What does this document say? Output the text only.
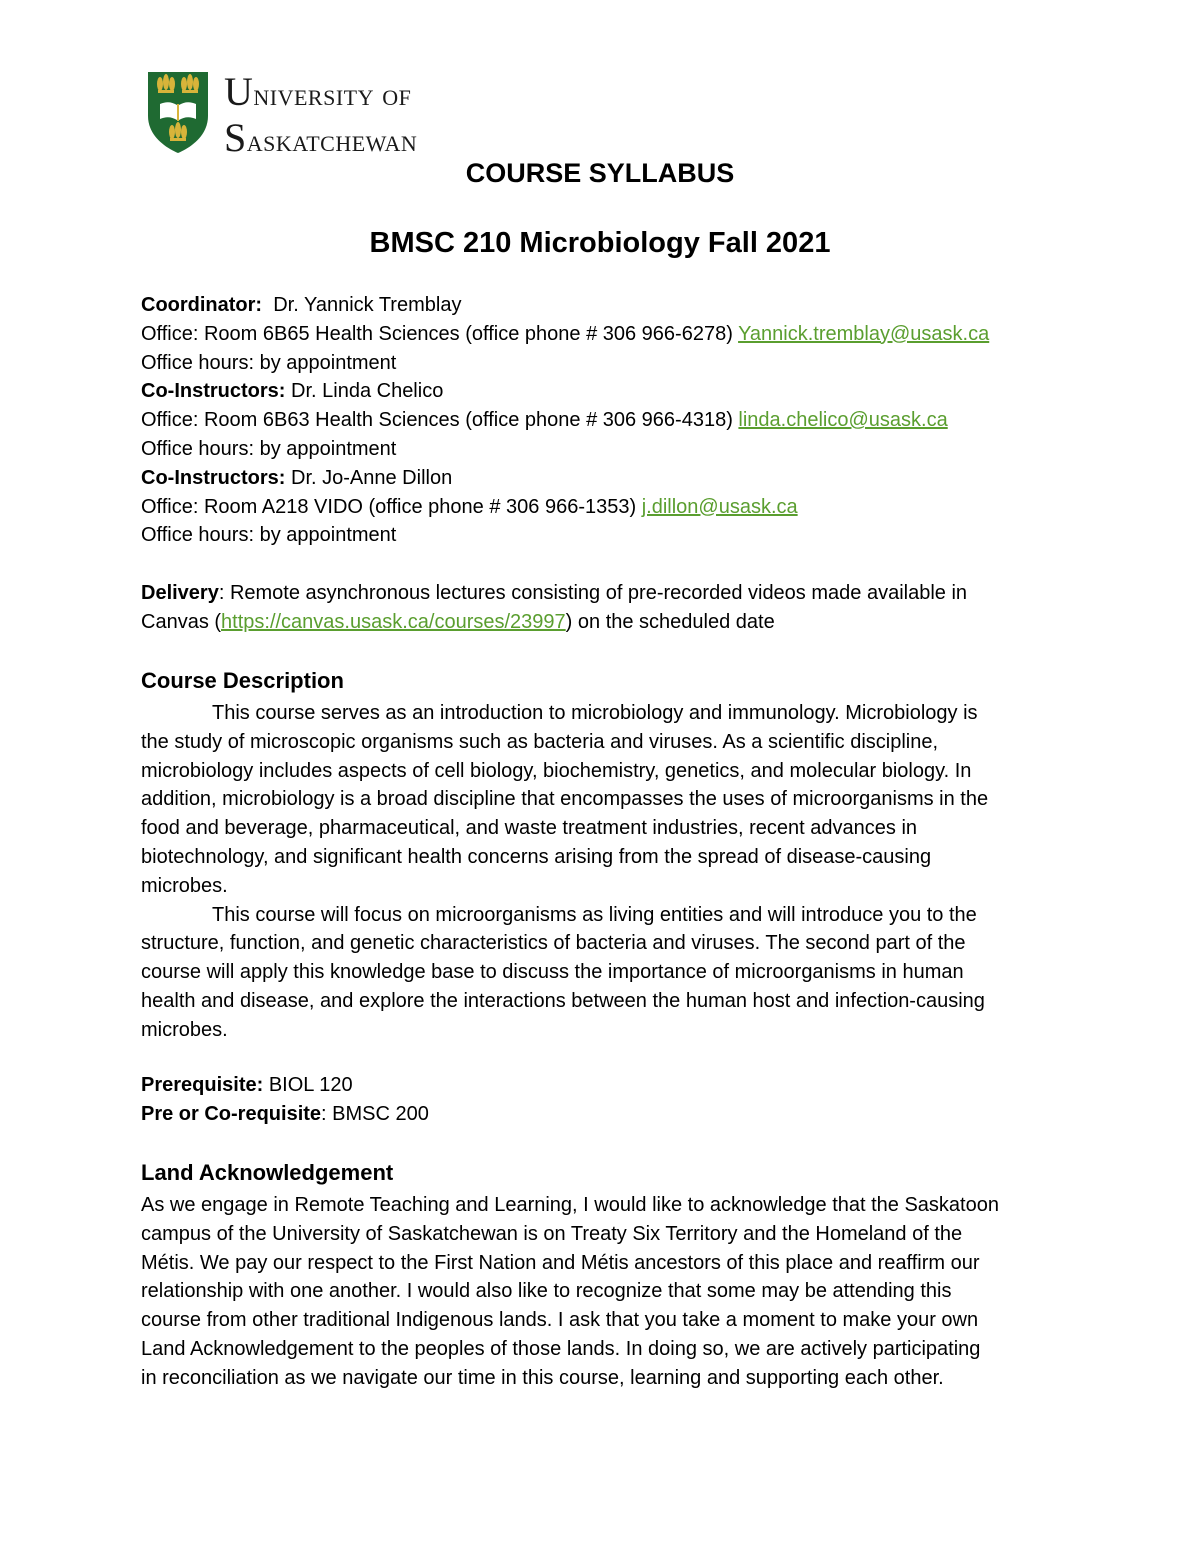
University of
Saskatchewan
COURSE SYLLABUS
BMSC 210 Microbiology Fall 2021
Coordinator: Dr. Yannick Tremblay
Office: Room 6B65 Health Sciences (office phone # 306 966-6278) Yannick.tremblay@usask.ca
Office hours: by appointment
Co-Instructors: Dr. Linda Chelico
Office: Room 6B63 Health Sciences (office phone # 306 966-4318) linda.chelico@usask.ca
Office hours: by appointment
Co-Instructors: Dr. Jo-Anne Dillon
Office: Room A218 VIDO (office phone # 306 966-1353) j.dillon@usask.ca
Office hours: by appointment
Delivery: Remote asynchronous lectures consisting of pre-recorded videos made available in
Canvas (https://canvas.usask.ca/courses/23997) on the scheduled date
Course Description
This course serves as an introduction to microbiology and immunology. Microbiology is
the study of microscopic organisms such as bacteria and viruses. As a scientific discipline,
microbiology includes aspects of cell biology, biochemistry, genetics, and molecular biology. In
addition, microbiology is a broad discipline that encompasses the uses of microorganisms in the
food and beverage, pharmaceutical, and waste treatment industries, recent advances in
biotechnology, and significant health concerns arising from the spread of disease-causing
microbes.
This course will focus on microorganisms as living entities and will introduce you to the
structure, function, and genetic characteristics of bacteria and viruses. The second part of the
course will apply this knowledge base to discuss the importance of microorganisms in human
health and disease, and explore the interactions between the human host and infection-causing
microbes.
Prerequisite: BIOL 120
Pre or Co-requisite: BMSC 200
Land Acknowledgement
As we engage in Remote Teaching and Learning, I would like to acknowledge that the Saskatoon
campus of the University of Saskatchewan is on Treaty Six Territory and the Homeland of the
Métis. We pay our respect to the First Nation and Métis ancestors of this place and reaffirm our
relationship with one another. I would also like to recognize that some may be attending this
course from other traditional Indigenous lands. I ask that you take a moment to make your own
Land Acknowledgement to the peoples of those lands. In doing so, we are actively participating
in reconciliation as we navigate our time in this course, learning and supporting each other.
